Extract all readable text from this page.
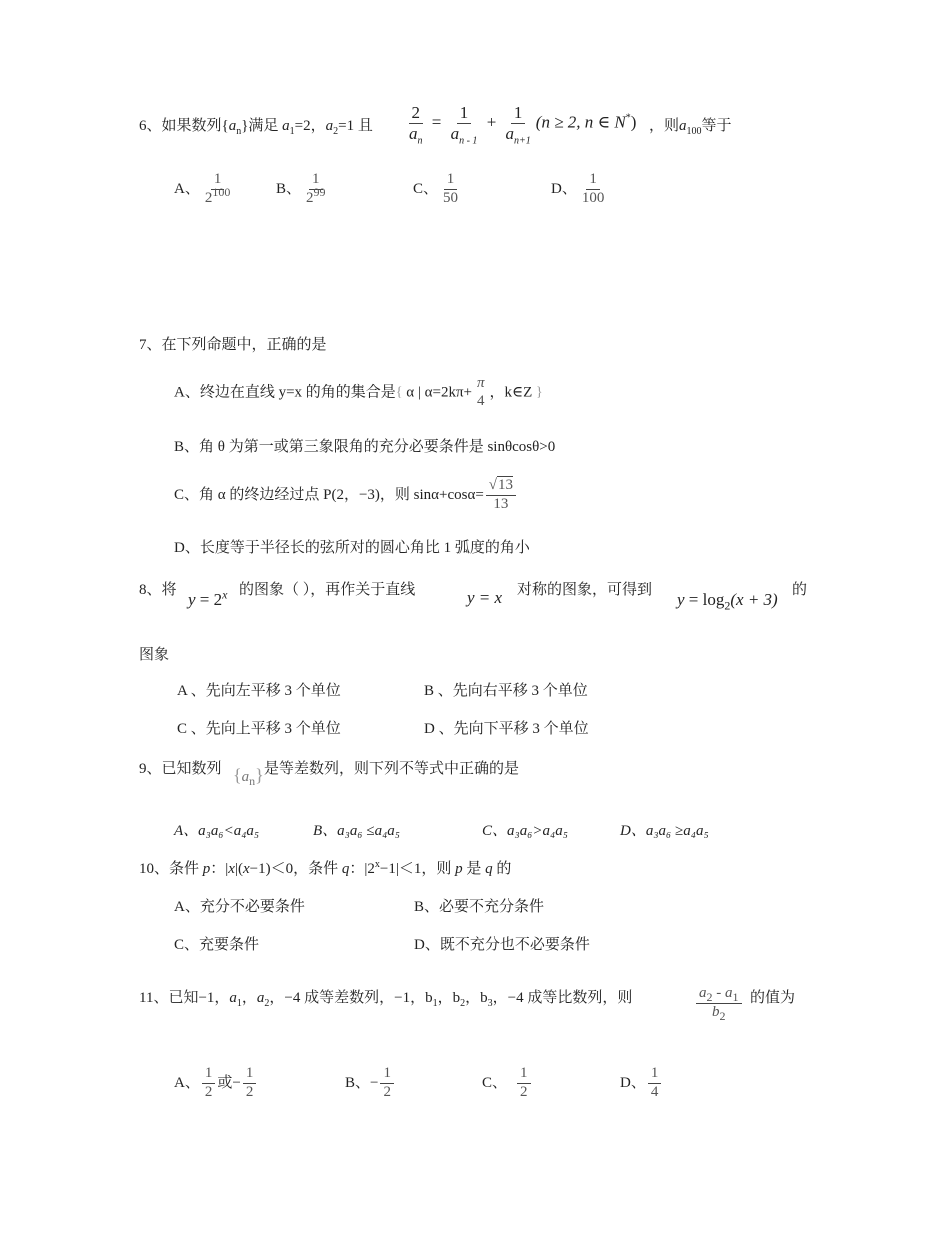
6、如果数列$\{a_n\}$满足 $a_1=2$，$a_2=1$ 且 $\frac{2}{a_n} = \frac{1}{a_{n - 1}} + \frac{1}{a_{n+1}} (n \ge 2$, n ∈ N*) ，则$a_{100}$等于
A、 $\frac{1}{2^{100}}$	B、 $\frac{1}{2^{99}}$	C、 $\frac{1}{50}$	D、 $\frac{1}{100}$
7、在下列命题中，正确的是
A、终边在直线 y=x 的角的集合是{ α | α=2kπ+
π
4
，k∈Z }
B、角 θ 为第一或第三象限角的充分必要条件是 sinθcosθ>0
C、角 α 的终边经过点 P(2，−3)，则 $\sin\alpha+\cos\alpha= \frac{√13}{13}$
D、长度等于半径长的弦所对的圆心角比 1 弧度的角小
8、将 $y = 2^x$ 的图象（ ），再作关于直线	y = x 对称的图象，可得到 $y = \log_2(x + 3)$ 的
图象
A 、先向左平移 3 个单位	B 、先向右平移 3 个单位
C 、先向上平移 3 个单位	D 、先向下平移 3 个单位
9、已知数列 $\{a_n\}$ 是等差数列，则下列不等式中正确的是
A、a₃a₆<a₄a₅	B、a₃a₆ ≤a₄a₅	C、a₃a₆>a₄a₅	D、a₃a₆ ≥a₄a₅
10、条件 p：|x|(x−1)＜0，条件 q：$|2^x-1|<1$，则 p 是 q 的
A、充分不必要条件	B、必要不充分条件
C、充要条件	D、既不充分也不必要条件
11、已知−1，$a_1$，$a_2$，−4 成等差数列，−1，$b_1$，$b_2$，$b_3$，−4 成等比数列，则	$\frac{a_2 - a_1}{b_2}$ 的值为
A、 $\frac{1}{2}$ 或− $\frac{1}{2}$	B、− $\frac{1}{2}$	C、 $\frac{1}{2}$	D、 $\frac{1}{4}$
